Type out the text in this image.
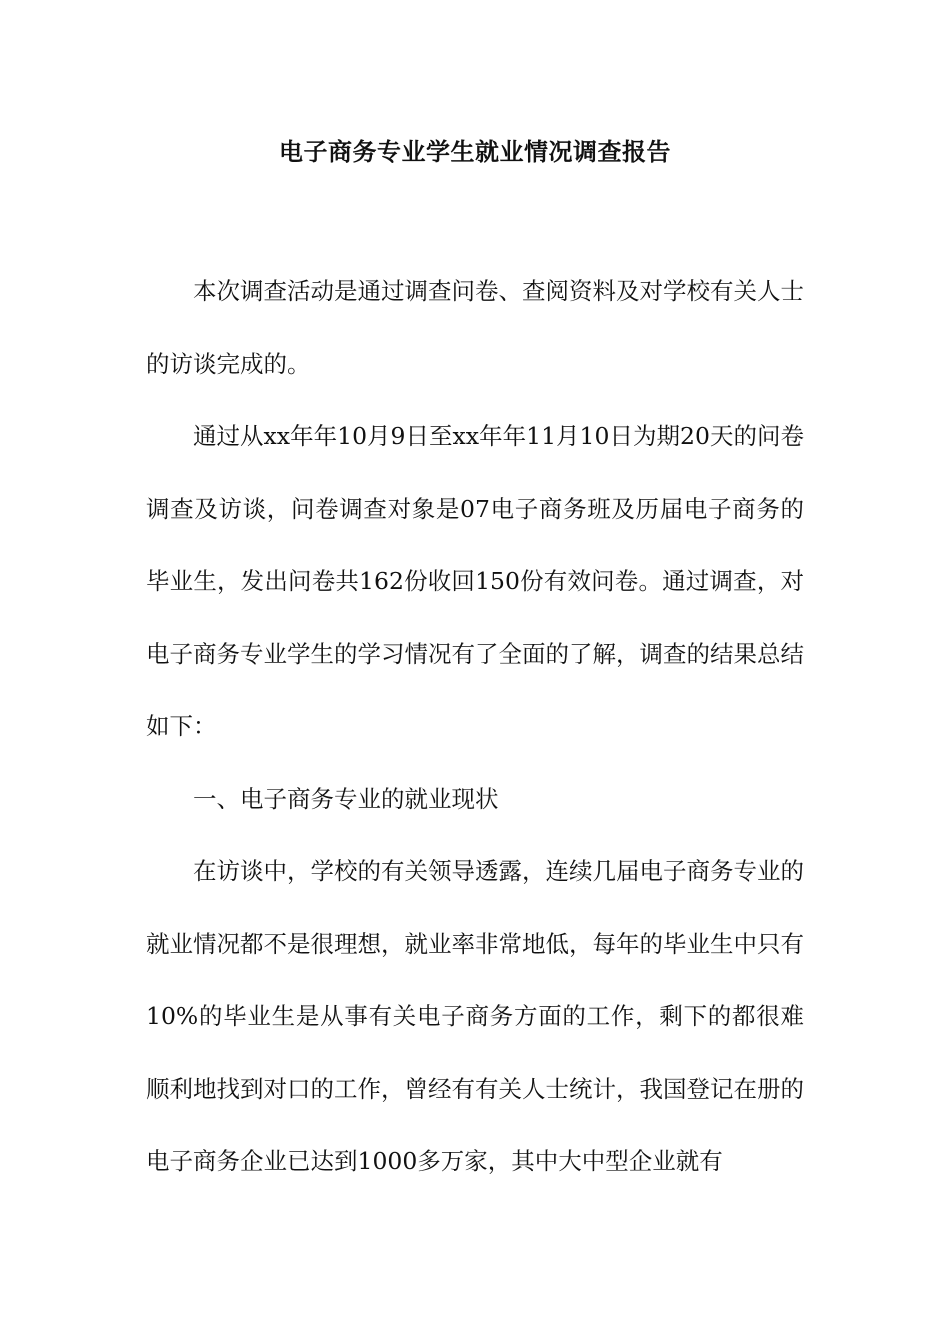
电子商务专业学生就业情况调查报告

本次调查活动是通过调查问卷、查阅资料及对学校有关人士的访谈完成的。

通过从xx年年10月9日至xx年年11月10日为期20天的问卷调查及访谈，问卷调查对象是07电子商务班及历届电子商务的毕业生，发出问卷共162份收回150份有效问卷。通过调查，对电子商务专业学生的学习情况有了全面的了解，调查的结果总结如下：

一、电子商务专业的就业现状

在访谈中，学校的有关领导透露，连续几届电子商务专业的就业情况都不是很理想，就业率非常地低，每年的毕业生中只有10%的毕业生是从事有关电子商务方面的工作，剩下的都很难顺利地找到对口的工作，曾经有有关人士统计，我国登记在册的电子商务企业已达到1000多万家，其中大中型企业就有
